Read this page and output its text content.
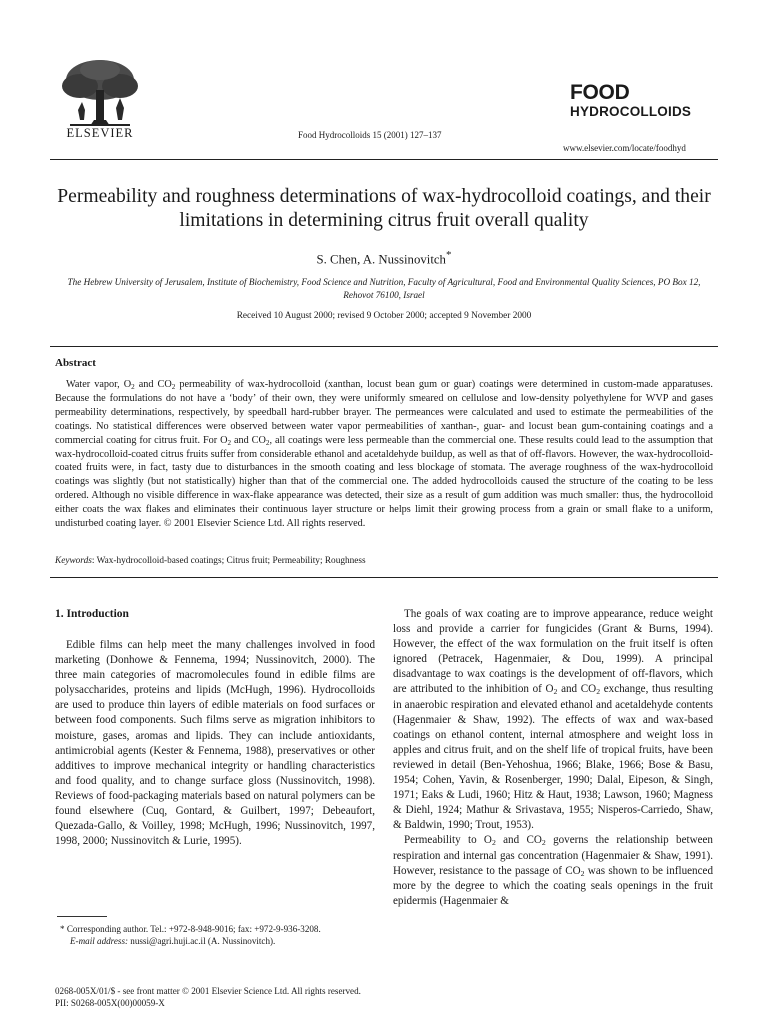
ELSEVIER	Food Hydrocolloids 15 (2001) 127–137
FOOD
HYDROCOLLOIDS
www.elsevier.com/locate/foodhyd
Permeability and roughness determinations of wax-hydrocolloid coatings, and their limitations in determining citrus fruit overall quality
S. Chen, A. Nussinovitch*
The Hebrew University of Jerusalem, Institute of Biochemistry, Food Science and Nutrition, Faculty of Agricultural, Food and Environmental Quality Sciences, PO Box 12, Rehovot 76100, Israel
Received 10 August 2000; revised 9 October 2000; accepted 9 November 2000
Abstract
Water vapor, $O_2$ and $CO_2$ permeability of wax-hydrocolloid (xanthan, locust bean gum or guar) coatings were determined in custom-made apparatuses. Because the formulations do not have a ‘body’ of their own, they were uniformly smeared on cellulose and low-density polyethylene for WVP and gases permeability determinations, respectively, by speedball hard-rubber brayer. The permeances were calculated and used to estimate the permeabilities of the coatings. No statistical differences were observed between water vapor permeabilities of xanthan-, guar- and locust bean gum-containing coatings and a commercial coating for citrus fruit. For $O_2$ and $CO_2$, all coatings were less permeable than the commercial one. These results could lead to the assumption that wax-hydrocolloid-coated citrus fruits suffer from considerable ethanol and acetaldehyde buildup, as well as that of off-flavors. However, the wax-hydrocolloid-coated fruits were, in fact, tasty due to disturbances in the smooth coating and less blockage of stomata. The average roughness of the wax-hydrocolloid coatings was slightly (but not statistically) higher than that of the commercial one. The added hydrocolloids caused the structure of the coating to be less ordered. Although no visible difference in wax-flake appearance was detected, their size as a result of gum addition was much smaller: thus, the hydrocolloid either coats the wax flakes and eliminates their continuous layer structure or helps limit their growing process from a grain or small flake to a uniform, undisturbed coating layer. © 2001 Elsevier Science Ltd. All rights reserved.
Keywords: Wax-hydrocolloid-based coatings; Citrus fruit; Permeability; Roughness
1. Introduction

Edible films can help meet the many challenges involved in food marketing (Donhowe & Fennema, 1994; Nussinovitch, 2000). The three main categories of macromolecules found in edible films are polysaccharides, proteins and lipids (McHugh, 1996). Hydrocolloids are used to produce thin layers of edible materials on food surfaces or between food components. Such films serve as migration inhibitors to moisture, gases, aromas and lipids. They can include antioxidants, antimicrobial agents (Kester & Fennema, 1988), preservatives or other additives to improve mechanical integrity or handling characteristics and food quality, and to change surface gloss (Nussinovitch, 1998). Reviews of food-packaging materials based on natural polymers can be found elsewhere (Cuq, Gontard, & Guilbert, 1997; Debeaufort, Quezada-Gallo, & Voilley, 1998; McHugh, 1996; Nussinovitch, 1997, 1998, 2000; Nussinovitch & Lurie, 1995).

The goals of wax coating are to improve appearance, reduce weight loss and provide a carrier for fungicides (Grant & Burns, 1994). However, the effect of the wax formulation on the fruit itself is often ignored (Petracek, Hagenmaier, & Dou, 1999). A principal disadvantage to wax coatings is the development of off-flavors, which are attributed to the inhibition of $O_2$ and $CO_2$ exchange, thus resulting in anaerobic respiration and elevated ethanol and acetaldehyde contents (Hagenmaier & Shaw, 1992). The effects of wax and wax-based coatings on ethanol content, internal atmosphere and weight loss in apples and citrus fruit, and on the shelf life of tropical fruits, have been reviewed in detail (Ben-Yehoshua, 1966; Blake, 1966; Bose & Basu, 1954; Cohen, Yavin, & Rosenberger, 1990; Dalal, Eipeson, & Singh, 1971; Eaks & Ludi, 1960; Hitz & Haut, 1938; Lawson, 1960; Magness & Diehl, 1924; Mathur & Srivastava, 1955; Nisperos-Carriedo, Shaw, & Baldwin, 1990; Trout, 1953).

Permeability to $O_2$ and $CO_2$ governs the relationship between respiration and internal gas concentration (Hagenmaier & Shaw, 1991). However, resistance to the passage of $CO_2$ was shown to be influenced more by the degree to which the coating seals openings in the fruit epidermis (Hagenmaier &

* Corresponding author. Tel.: +972-8-948-9016; fax: +972-9-936-3208.
E-mail address: nussi@agri.huji.ac.il (A. Nussinovitch).
0268-005X/01/$ - see front matter © 2001 Elsevier Science Ltd. All rights reserved.
PII: S0268-005X(00)00059-X
